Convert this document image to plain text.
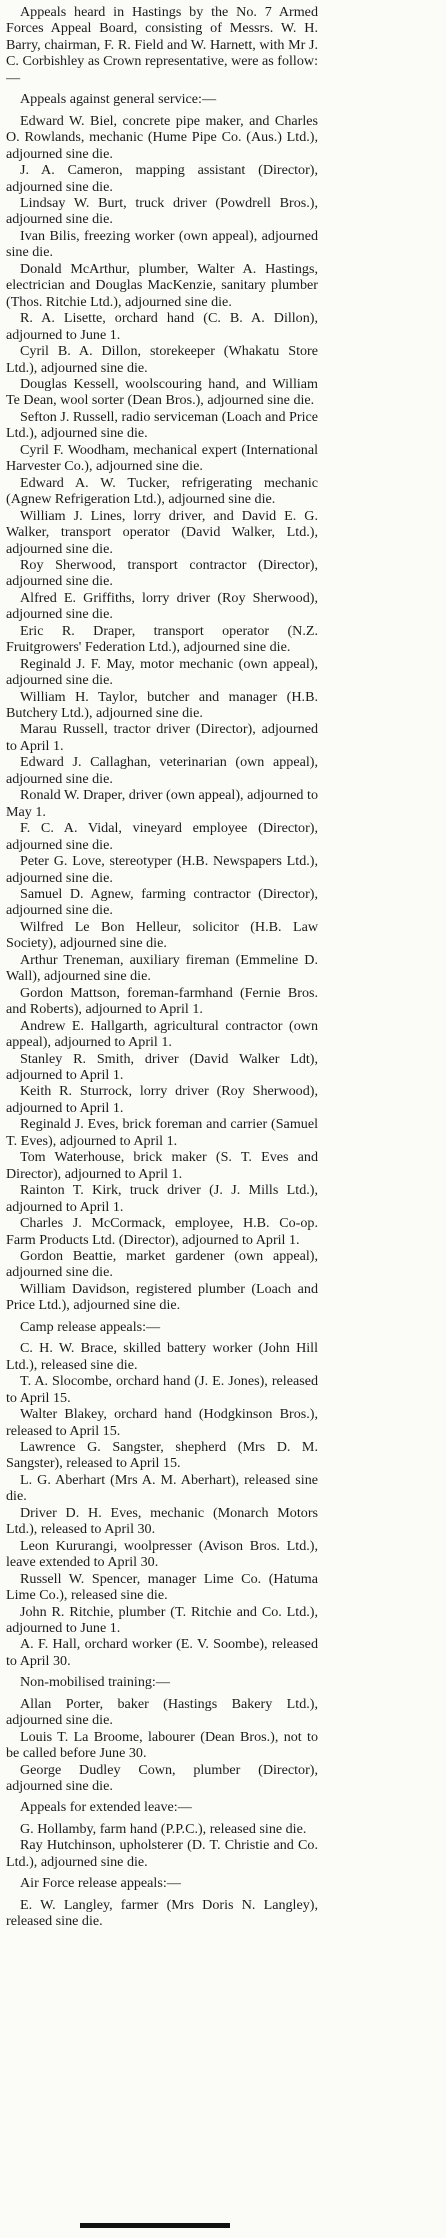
Appeals heard in Hastings by the No. 7 Armed Forces Appeal Board, consisting of Messrs. W. H. Barry, chairman, F. R. Field and W. Harnett, with Mr J. C. Corbishley as Crown representative, were as follow:—

Appeals against general service:—

Edward W. Biel, concrete pipe maker, and Charles O. Rowlands, mechanic (Hume Pipe Co. (Aus.) Ltd.), adjourned sine die.

J. A. Cameron, mapping assistant (Director), adjourned sine die.

Lindsay W. Burt, truck driver (Powdrell Bros.), adjourned sine die.

Ivan Bilis, freezing worker (own appeal), adjourned sine die.

Donald McArthur, plumber, Walter A. Hastings, electrician and Douglas MacKenzie, sanitary plumber (Thos. Ritchie Ltd.), adjourned sine die.

R. A. Lisette, orchard hand (C. B. A. Dillon), adjourned to June 1.

Cyril B. A. Dillon, storekeeper (Whakatu Store Ltd.), adjourned sine die.

Douglas Kessell, woolscouring hand, and William Te Dean, wool sorter (Dean Bros.), adjourned sine die.

Sefton J. Russell, radio serviceman (Loach and Price Ltd.), adjourned sine die.

Cyril F. Woodham, mechanical expert (International Harvester Co.), adjourned sine die.

Edward A. W. Tucker, refrigerating mechanic (Agnew Refrigeration Ltd.), adjourned sine die.

William J. Lines, lorry driver, and David E. G. Walker, transport operator (David Walker, Ltd.), adjourned sine die.

Roy Sherwood, transport contractor (Director), adjourned sine die.

Alfred E. Griffiths, lorry driver (Roy Sherwood), adjourned sine die.

Eric R. Draper, transport operator (N.Z. Fruitgrowers' Federation Ltd.), adjourned sine die.

Reginald J. F. May, motor mechanic (own appeal), adjourned sine die.

William H. Taylor, butcher and manager (H.B. Butchery Ltd.), adjourned sine die.

Marau Russell, tractor driver (Director), adjourned to April 1.

Edward J. Callaghan, veterinarian (own appeal), adjourned sine die.

Ronald W. Draper, driver (own appeal), adjourned to May 1.

F. C. A. Vidal, vineyard employee (Director), adjourned sine die.

Peter G. Love, stereotyper (H.B. Newspapers Ltd.), adjourned sine die.

Samuel D. Agnew, farming contractor (Director), adjourned sine die.

Wilfred Le Bon Helleur, solicitor (H.B. Law Society), adjourned sine die.

Arthur Treneman, auxiliary fireman (Emmeline D. Wall), adjourned sine die.

Gordon Mattson, foreman-farmhand (Fernie Bros. and Roberts), adjourned to April 1.

Andrew E. Hallgarth, agricultural contractor (own appeal), adjourned to April 1.

Stanley R. Smith, driver (David Walker Ldt), adjourned to April 1.

Keith R. Sturrock, lorry driver (Roy Sherwood), adjourned to April 1.

Reginald J. Eves, brick foreman and carrier (Samuel T. Eves), adjourned to April 1.

Tom Waterhouse, brick maker (S. T. Eves and Director), adjourned to April 1.

Rainton T. Kirk, truck driver (J. J. Mills Ltd.), adjourned to April 1.

Charles J. McCormack, employee, H.B. Co-op. Farm Products Ltd. (Director), adjourned to April 1.

Gordon Beattie, market gardener (own appeal), adjourned sine die.

William Davidson, registered plumber (Loach and Price Ltd.), adjourned sine die.

Camp release appeals:—

C. H. W. Brace, skilled battery worker (John Hill Ltd.), released sine die.

T. A. Slocombe, orchard hand (J. E. Jones), released to April 15.

Walter Blakey, orchard hand (Hodgkinson Bros.), released to April 15.

Lawrence G. Sangster, shepherd (Mrs D. M. Sangster), released to April 15.

L. G. Aberhart (Mrs A. M. Aberhart), released sine die.

Driver D. H. Eves, mechanic (Monarch Motors Ltd.), released to April 30.

Leon Kururangi, woolpresser (Avison Bros. Ltd.), leave extended to April 30.

Russell W. Spencer, manager Lime Co. (Hatuma Lime Co.), released sine die.

John R. Ritchie, plumber (T. Ritchie and Co. Ltd.), adjourned to June 1.

A. F. Hall, orchard worker (E. V. Soombe), released to April 30.

Non-mobilised training:—

Allan Porter, baker (Hastings Bakery Ltd.), adjourned sine die.

Louis T. La Broome, labourer (Dean Bros.), not to be called before June 30.

George Dudley Cown, plumber (Director), adjourned sine die.

Appeals for extended leave:—

G. Hollamby, farm hand (P.P.C.), released sine die.

Ray Hutchinson, upholsterer (D. T. Christie and Co. Ltd.), adjourned sine die.

Air Force release appeals:—

E. W. Langley, farmer (Mrs Doris N. Langley), released sine die.
